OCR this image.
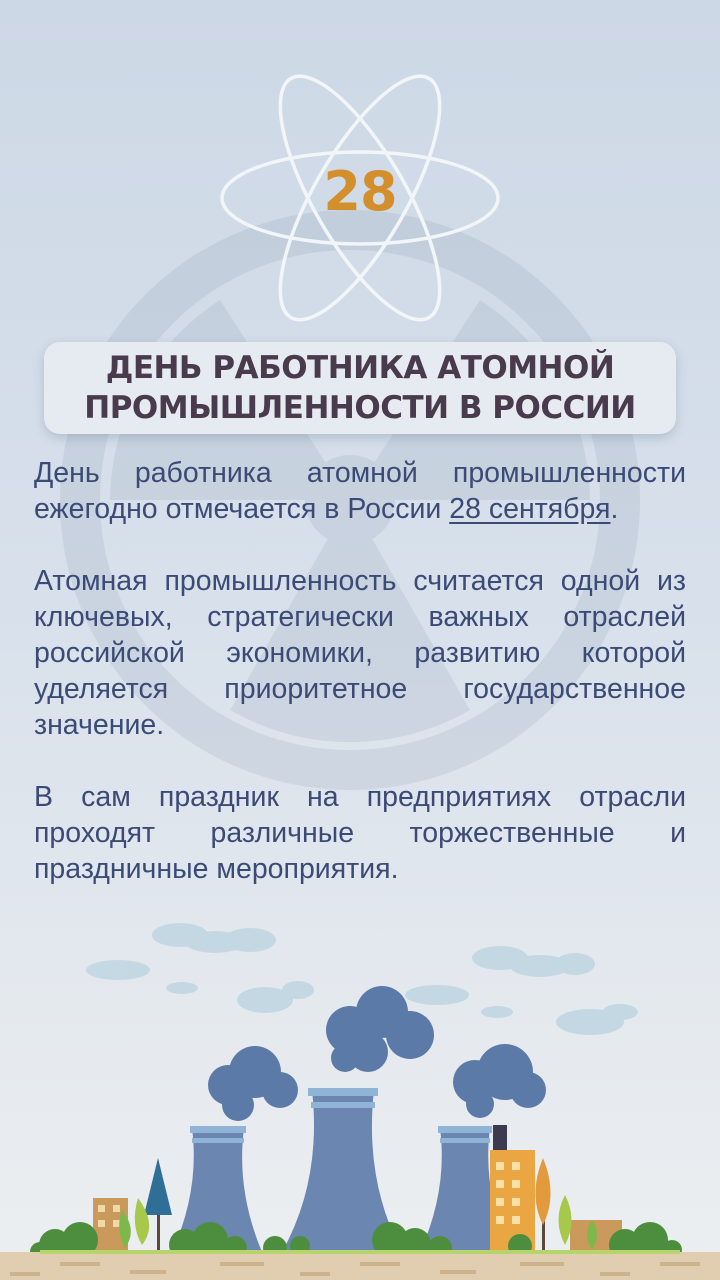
28
ДЕНЬ РАБОТНИКА АТОМНОЙ
ПРОМЫШЛЕННОСТИ В РОССИИ

День работника атомной промышленности ежегодно отмечается в России 28 сентября.

Атомная промышленность считается одной из ключевых, стратегически важных отраслей российской экономики, развитию которой уделяется приоритетное государственное значение.

В сам праздник на предприятиях отрасли проходят различные торжественные и праздничные мероприятия.
